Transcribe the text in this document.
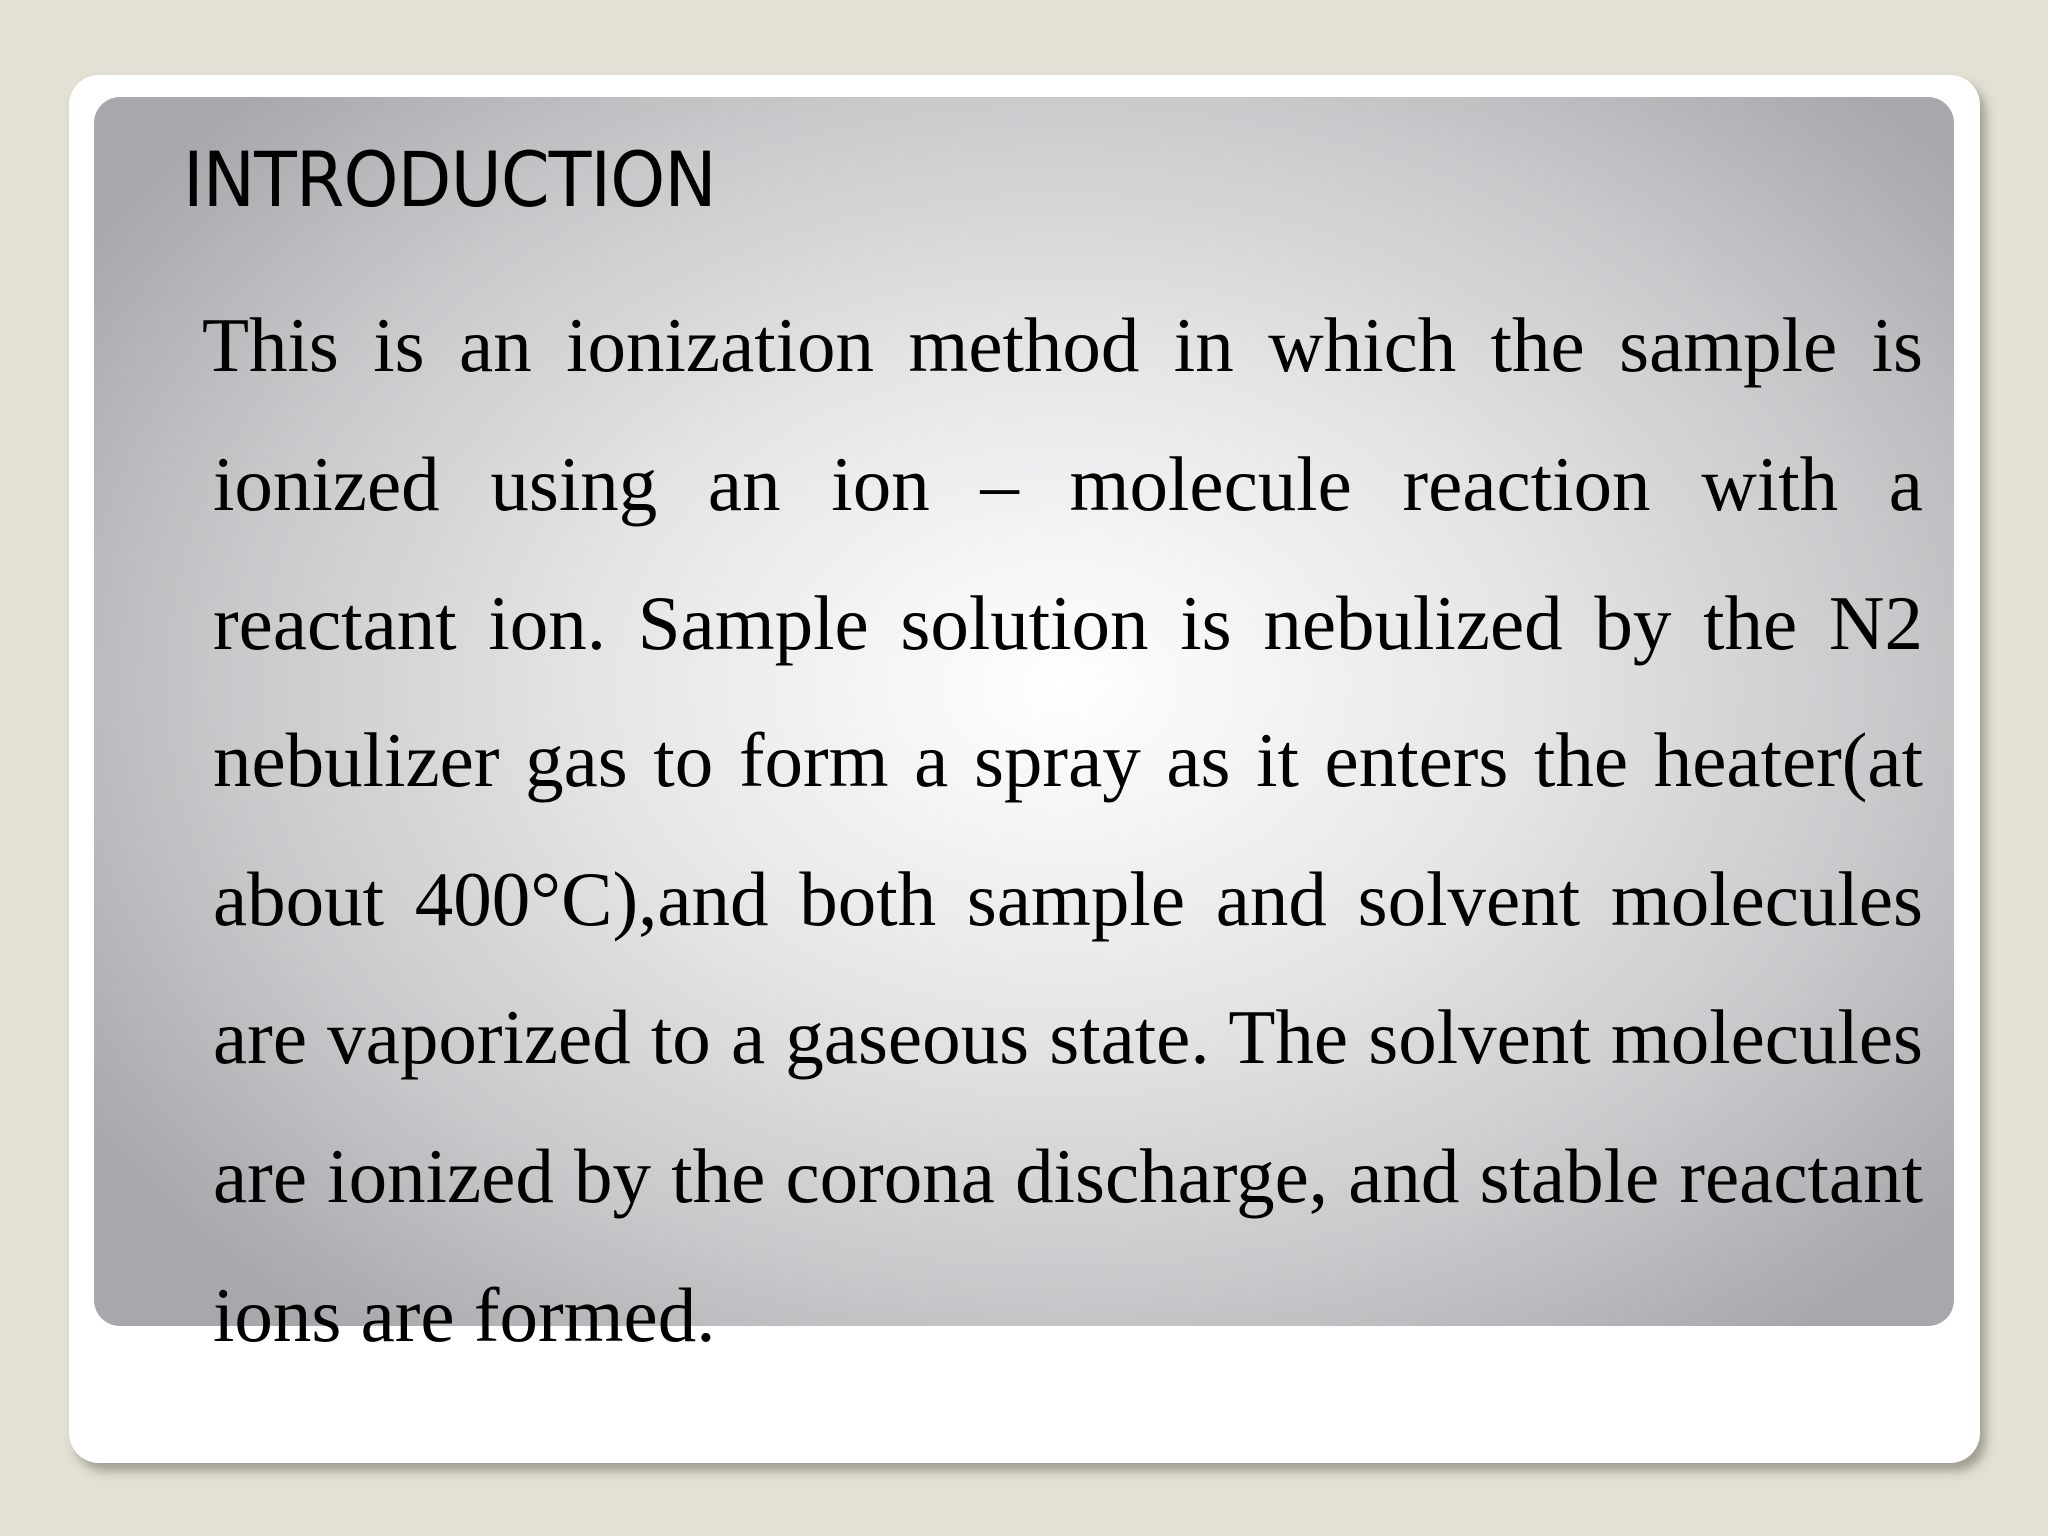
INTRODUCTION
This is an ionization method in which the sample is
ionized using an ion – molecule reaction with a
reactant ion. Sample solution is nebulized by the N2
nebulizer gas to form a spray as it enters the heater(at
about 400°C),and both sample and solvent molecules
are vaporized to a gaseous state. The solvent molecules
are ionized by the corona discharge, and stable reactant
ions are formed.
